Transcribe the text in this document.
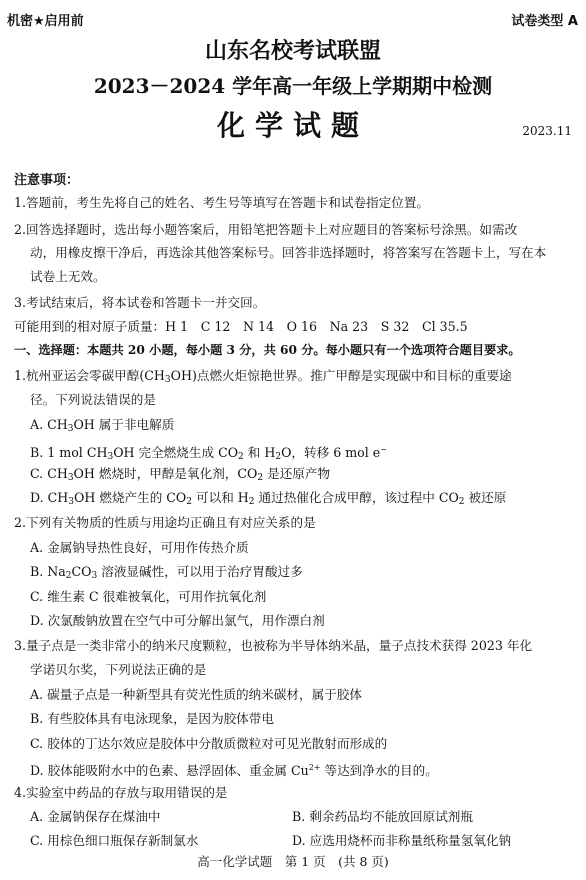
机密★启用前	试卷类型 A
山东名校考试联盟
2023－2024 学年高一年级上学期期中检测
化学试题	2023.11
注意事项：
1.答题前，考生先将自己的姓名、考生号等填写在答题卡和试卷指定位置。
2.回答选择题时，选出每小题答案后，用铅笔把答题卡上对应题目的答案标号涂黑。如需改
动，用橡皮擦干净后，再选涂其他答案标号。回答非选择题时，将答案写在答题卡上，写在本
试卷上无效。
3.考试结束后，将本试卷和答题卡一并交回。
可能用到的相对原子质量：H 1　C 12　N 14　O 16　Na 23　S 32　Cl 35.5
一、选择题：本题共 20 小题，每小题 3 分，共 60 分。每小题只有一个选项符合题目要求。
1.杭州亚运会零碳甲醇$(CH_3OH)$点燃火炬惊艳世界。推广甲醇是实现碳中和目标的重要途
径。下列说法错误的是
A. $CH_3OH$ 属于非电解质
B. 1 mol $CH_3OH$ 完全燃烧生成 $CO_2$ 和 $H_2O$，转移 6 mol e−
C. $CH_3OH$ 燃烧时，甲醇是氧化剂，$CO_2$ 是还原产物
D. $CH_3OH$ 燃烧产生的 $CO_2$ 可以和 $H_2$ 通过热催化合成甲醇，该过程中 $CO_2$ 被还原
2.下列有关物质的性质与用途均正确且有对应关系的是
A. 金属钠导热性良好，可用作传热介质
B. $Na_2CO_3$ 溶液显碱性，可以用于治疗胃酸过多
C. 维生素 C 很难被氧化，可用作抗氧化剂
D. 次氯酸钠放置在空气中可分解出氯气，用作漂白剂
3.量子点是一类非常小的纳米尺度颗粒，也被称为半导体纳米晶，量子点技术获得 2023 年化
学诺贝尔奖，下列说法正确的是
A. 碳量子点是一种新型具有荧光性质的纳米碳材，属于胶体
B. 有些胶体具有电泳现象，是因为胶体带电
C. 胶体的丁达尔效应是胶体中分散质微粒对可见光散射而形成的
D. 胶体能吸附水中的色素、悬浮固体、重金属 $Cu^{2+}$ 等达到净水的目的。
4.实验室中药品的存放与取用错误的是
A. 金属钠保存在煤油中	B. 剩余药品均不能放回原试剂瓶
C. 用棕色细口瓶保存新制氯水	D. 应选用烧杯而非称量纸称量氢氧化钠
高一化学试题　第 1 页　(共 8 页)
